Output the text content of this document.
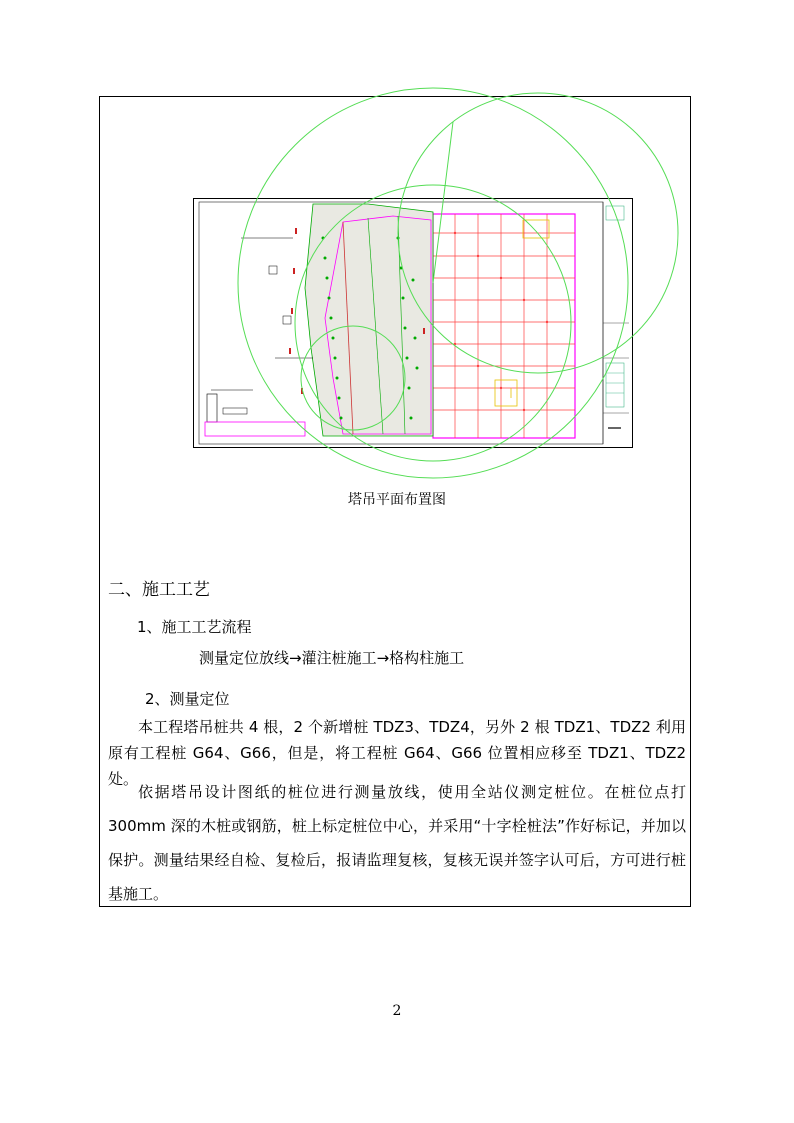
塔吊平面布置图
二、施工工艺
1、施工工艺流程
测量定位放线→灌注桩施工→格构柱施工
2、测量定位
本工程塔吊桩共 4 根，2 个新增桩 TDZ3、TDZ4，另外 2 根 TDZ1、TDZ2 利用原有工程桩 G64、G66，但是，将工程桩 G64、G66 位置相应移至 TDZ1、TDZ2 处。
依据塔吊设计图纸的桩位进行测量放线，使用全站仪测定桩位。在桩位点打 300mm 深的木桩或钢筋，桩上标定桩位中心，并采用“十字栓桩法”作好标记，并加以保护。测量结果经自检、复检后，报请监理复核，复核无误并签字认可后，方可进行桩基施工。
2
